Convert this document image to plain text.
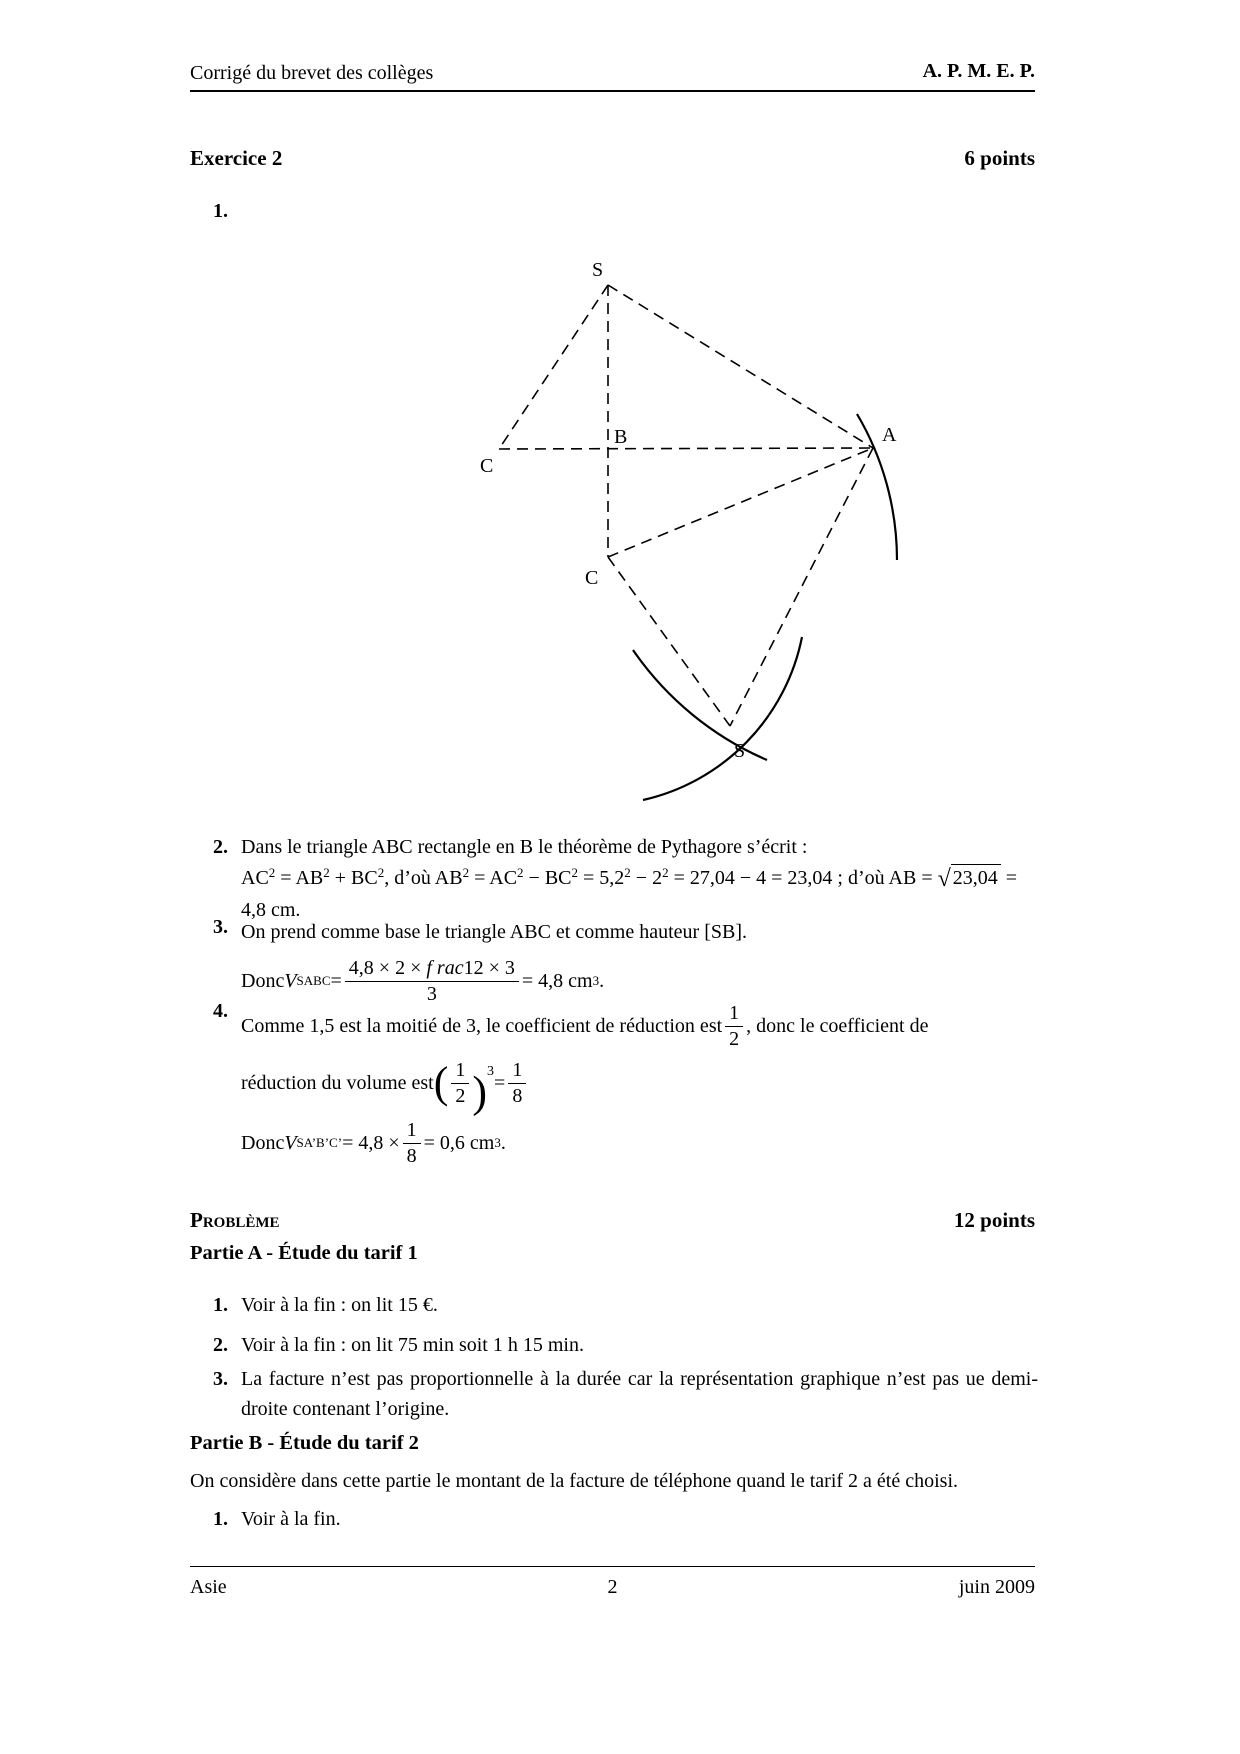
Corrigé du brevet des collèges	A. P. M. E. P.
Exercice 2	6 points
1.
S
B	A
C
C
S
2. Dans le triangle ABC rectangle en B le théorème de Pythagore s’écrit :
$AC^2 = AB^2 + BC^2$, d’où $AB^2 = AC^2 - BC^2 = 5,2^2 - 2^2 = 27,04 - 4 = 23,04$ ; d’où AB = √ 23,04 =
4,8 cm.
3. On prend comme base le triangle ABC et comme hauteur [SB].
Donc V SABC = $\frac{\text{4,8 × 2 × f rac12 × 3}}{3} = 4,8$ cm 3 .
4.
Comme 1,5 est la moitié de 3, le coefficient de réduction est $\frac{1}{2}$ , donc le coefficient de
réduction du volume est ( $\frac{1}{2} )^3$
= $\frac{1}{8}$
Donc V SA’B’C’ = $4,8 \times \frac{1}{8} = 0,6$ cm 3 .
Problème	12 points
Partie A - Étude du tarif 1
1. Voir à la fin : on lit 15 €.
2. Voir à la fin : on lit 75 min soit 1 h 15 min.
3. La facture n’est pas proportionnelle à la durée car la représentation graphique n’est pas ue demi-droite contenant l’origine.
Partie B - Étude du tarif 2
On considère dans cette partie le montant de la facture de téléphone quand le tarif 2 a été choisi.
1. Voir à la fin.
Asie	2	juin 2009
